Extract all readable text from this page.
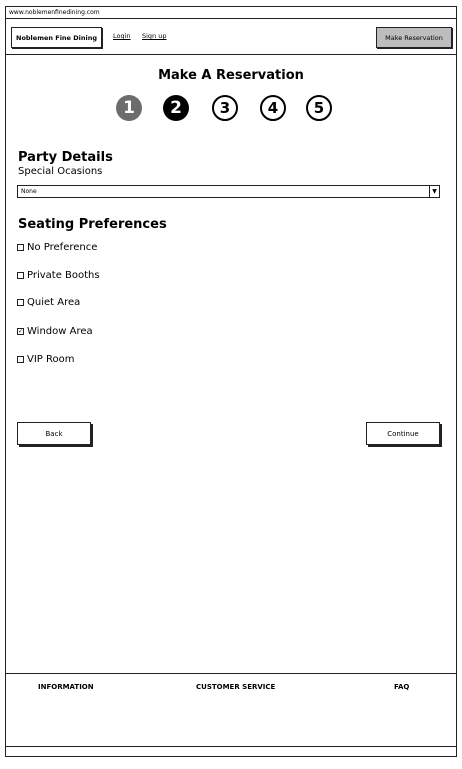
www.noblemenfinedining.com
Noblemen Fine Dining	Login Sign up	Make Reservation
Make A Reservation
1	2	3	4	5
Party Details
Special Ocasions
None	▼
Seating Preferences
No Preference
Private Booths
Quiet Area
✓ Window Area
VIP Room
Back	Continue
INFORMATION	CUSTOMER SERVICE	FAQ
